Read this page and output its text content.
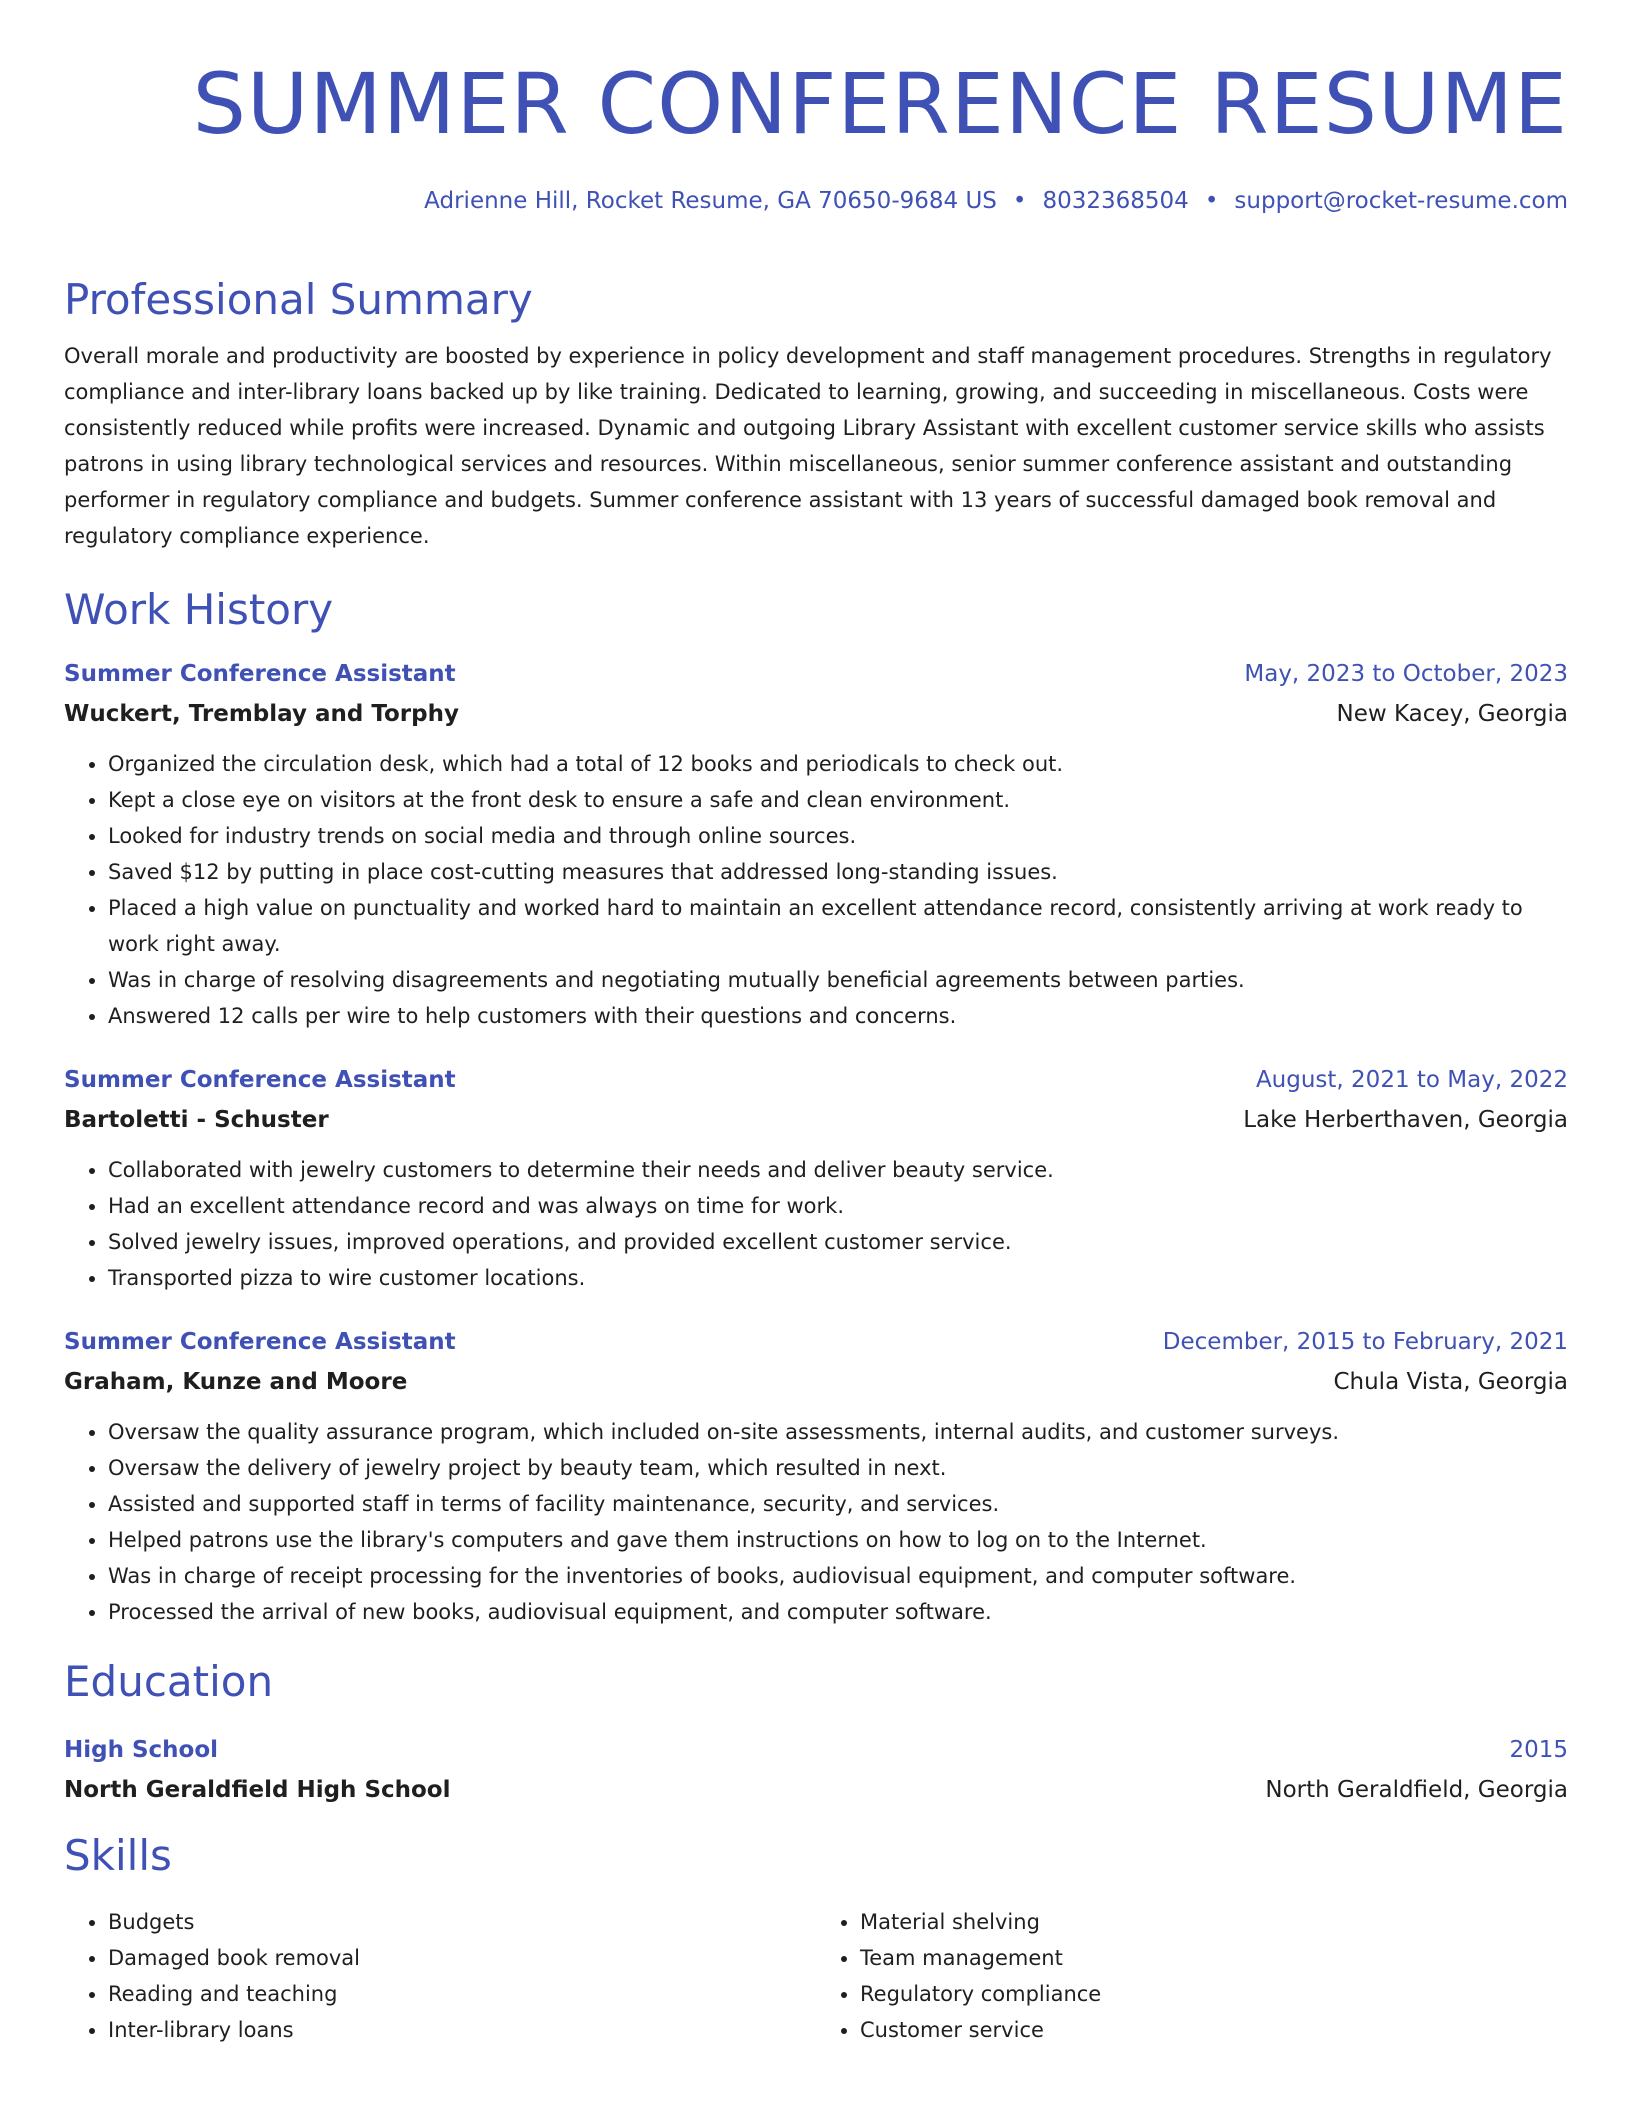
SUMMER CONFERENCE RESUME
Adrienne Hill, Rocket Resume, GA 70650-9684 US • 8032368504 • support@rocket-resume.com
Professional Summary
Overall morale and productivity are boosted by experience in policy development and staff management procedures. Strengths in regulatory compliance and inter-library loans backed up by like training. Dedicated to learning, growing, and succeeding in miscellaneous. Costs were consistently reduced while profits were increased. Dynamic and outgoing Library Assistant with excellent customer service skills who assists patrons in using library technological services and resources. Within miscellaneous, senior summer conference assistant and outstanding performer in regulatory compliance and budgets. Summer conference assistant with 13 years of successful damaged book removal and regulatory compliance experience.
Work History
Summer Conference Assistant	May, 2023 to October, 2023
Wuckert, Tremblay and Torphy	New Kacey, Georgia
• Organized the circulation desk, which had a total of 12 books and periodicals to check out.
• Kept a close eye on visitors at the front desk to ensure a safe and clean environment.
• Looked for industry trends on social media and through online sources.
• Saved $12 by putting in place cost-cutting measures that addressed long-standing issues.
• Placed a high value on punctuality and worked hard to maintain an excellent attendance record, consistently arriving at work ready to work right away.
• Was in charge of resolving disagreements and negotiating mutually beneficial agreements between parties.
• Answered 12 calls per wire to help customers with their questions and concerns.
Summer Conference Assistant	August, 2021 to May, 2022
Bartoletti - Schuster	Lake Herberthaven, Georgia
• Collaborated with jewelry customers to determine their needs and deliver beauty service.
• Had an excellent attendance record and was always on time for work.
• Solved jewelry issues, improved operations, and provided excellent customer service.
• Transported pizza to wire customer locations.
Summer Conference Assistant	December, 2015 to February, 2021
Graham, Kunze and Moore	Chula Vista, Georgia
• Oversaw the quality assurance program, which included on-site assessments, internal audits, and customer surveys.
• Oversaw the delivery of jewelry project by beauty team, which resulted in next.
• Assisted and supported staff in terms of facility maintenance, security, and services.
• Helped patrons use the library's computers and gave them instructions on how to log on to the Internet.
• Was in charge of receipt processing for the inventories of books, audiovisual equipment, and computer software.
• Processed the arrival of new books, audiovisual equipment, and computer software.
Education
High School	2015
North Geraldfield High School	North Geraldfield, Georgia
Skills
• Budgets
• Damaged book removal
• Reading and teaching
• Inter-library loans
• Material shelving
• Team management
• Regulatory compliance
• Customer service
